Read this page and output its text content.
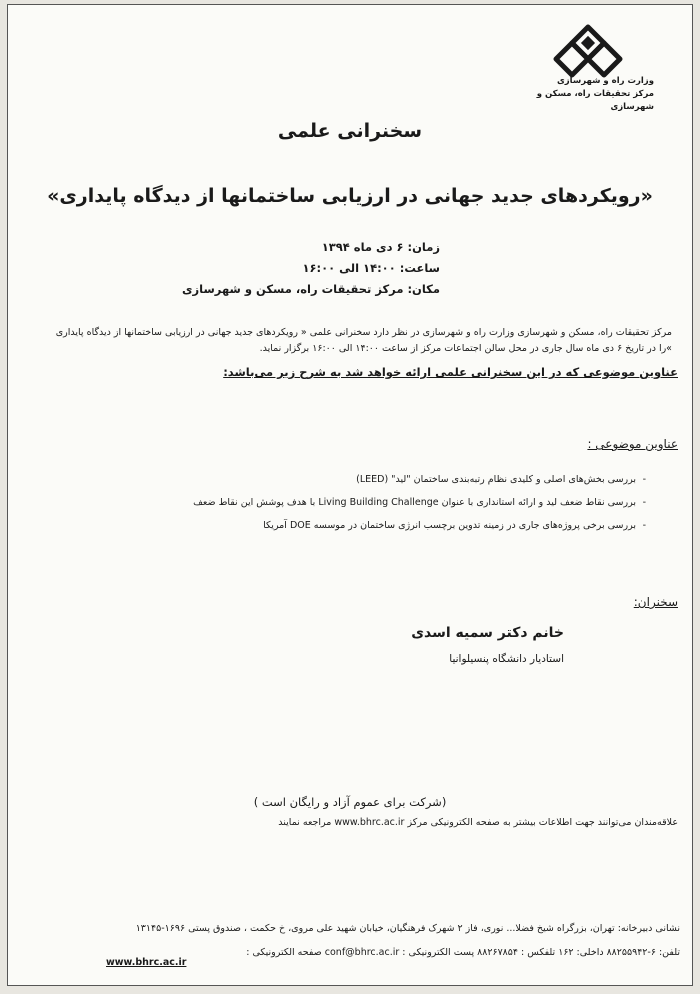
وزارت راه و شهرسازی
مرکز تحقیقات راه، مسکن و شهرسازی
سخنرانی علمی
«رویکردهای جدید جهانی در ارزیابی ساختمانها از دیدگاه پایداری»
زمان: ۶ دی ماه ۱۳۹۴
ساعت: ۱۴:۰۰ الی ۱۶:۰۰
مکان: مرکز تحقیقات راه، مسکن و شهرسازی
مرکز تحقیقات راه، مسکن و شهرسازی وزارت راه و شهرسازی در نظر دارد سخنرانی علمی « رویکردهای جدید جهانی در ارزیابی ساختمانها از دیدگاه پایداری
»را در تاریخ ۶ دی ماه سال جاری در محل سالن اجتماعات مرکز از ساعت ۱۴:۰۰ الی ۱۶:۰۰ برگزار نماید.
عناوین موضوعی که در این سخنرانی علمی ارائه خواهد شد به شرح زیر می‌باشد:
عناوین موضوعی :
- بررسی بخش‌های اصلی و کلیدی نظام رتبه‌بندی ساختمان "لید" (LEED)
- بررسی نقاط ضعف لید و ارائه استانداری با عنوان Living Building Challenge با هدف پوشش این نقاط ضعف
- بررسی برخی پروژه‌های جاری در زمینه تدوین برچسب انرژی ساختمان در موسسه DOE آمریکا
سخنران:
خانم دکتر سمیه اسدی
استادیار دانشگاه پنسیلوانیا
(شرکت برای عموم آزاد و رایگان است )
علاقه‌مندان می‌توانند جهت اطلاعات بیشتر به صفحه الکترونیکی مرکز www.bhrc.ac.ir مراجعه نمایند
نشانی دبیرخانه: تهران، بزرگراه شیخ فضلا... نوری، فاز ۲ شهرک فرهنگیان، خیابان شهید علی مروی، خ حکمت ، صندوق پستی ۱۶۹۶-۱۳۱۴۵
تلفن: ۶-۸۸۲۵۵۹۴۲ داخلی: ۱۶۲ تلفکس : ۸۸۲۶۷۸۵۴ پست الکترونیکی : conf@bhrc.ac.ir صفحه الکترونیکی :
www.bhrc.ac.ir
